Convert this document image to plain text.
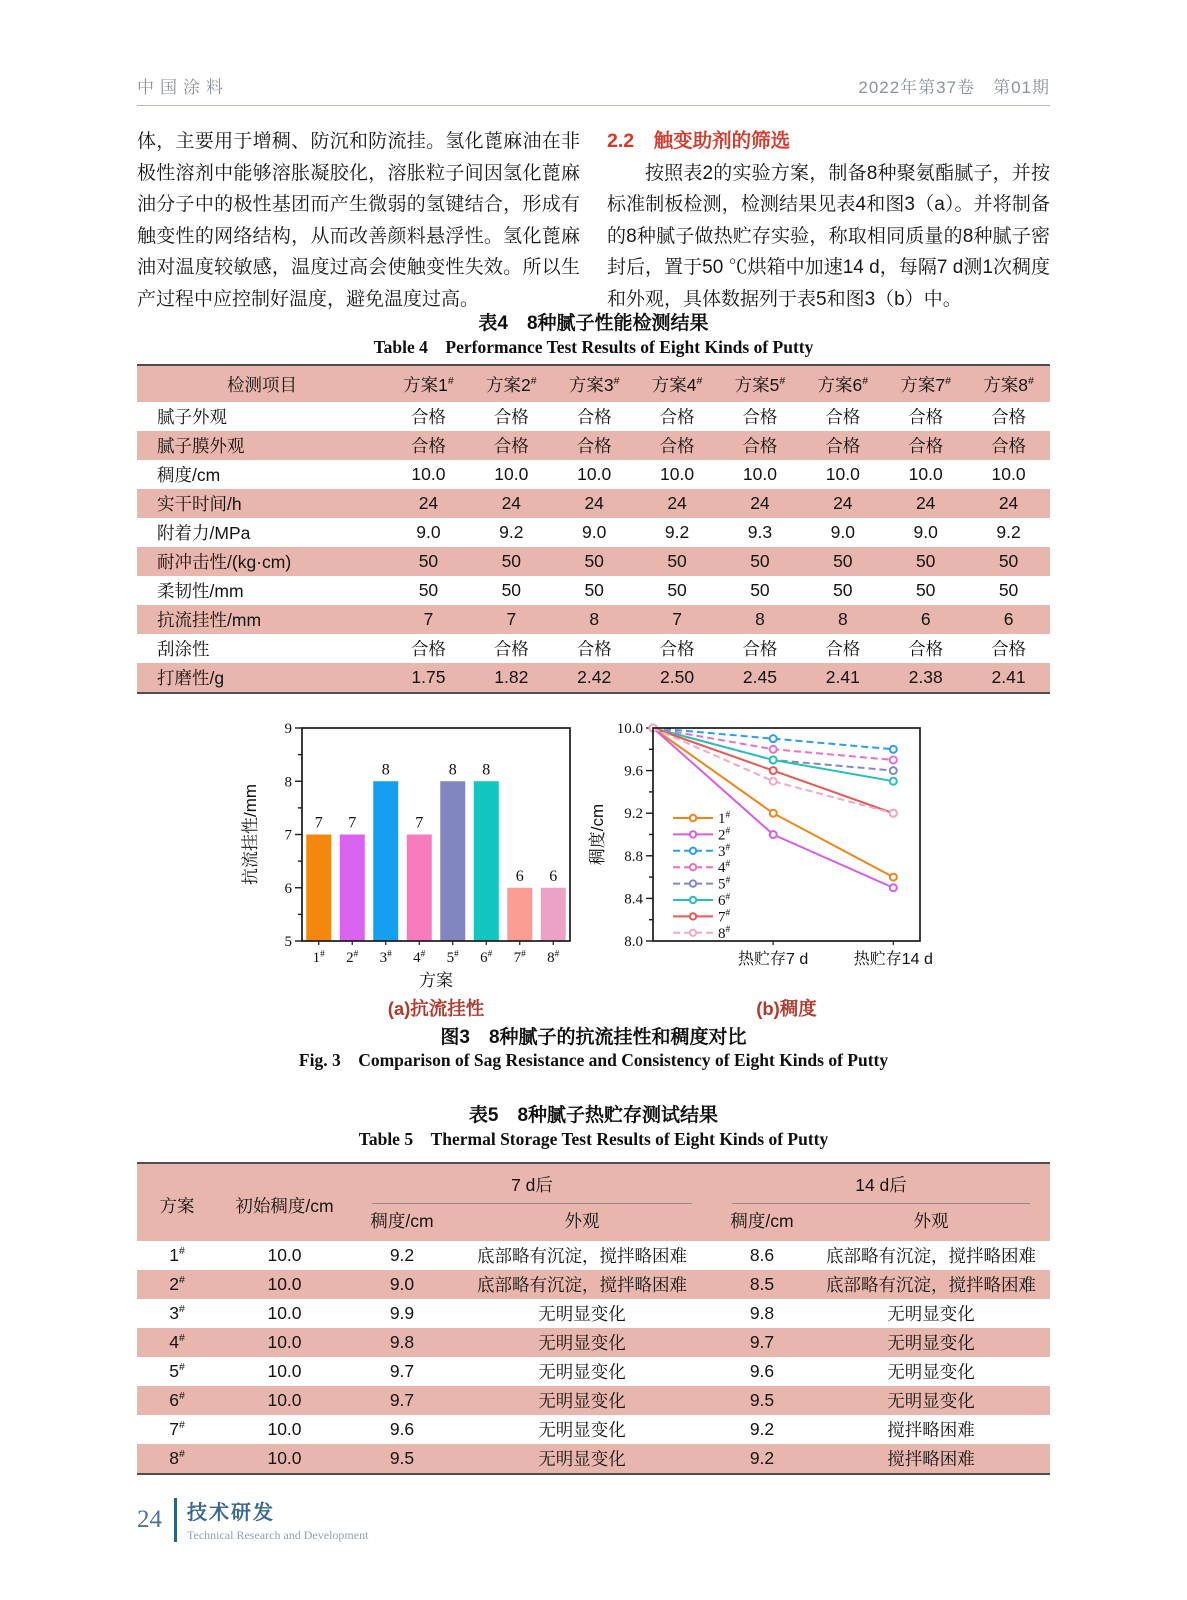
中国涂料	2022年第37卷　第01期

体，主要用于增稠、防沉和防流挂。氢化蓖麻油在非极性溶剂中能够溶胀凝胶化，溶胀粒子间因氢化蓖麻油分子中的极性基团而产生微弱的氢键结合，形成有触变性的网络结构，从而改善颜料悬浮性。氢化蓖麻油对温度较敏感，温度过高会使触变性失效。所以生产过程中应控制好温度，避免温度过高。

2.2　触变助剂的筛选

按照表2的实验方案，制备8种聚氨酯腻子，并按标准制板检测，检测结果见表4和图3（a）。并将制备的8种腻子做热贮存实验，称取相同质量的8种腻子密封后，置于50 ℃烘箱中加速14 d，每隔7 d测1次稠度和外观，具体数据列于表5和图3（b）中。

表4　8种腻子性能检测结果
Table 4　Performance Test Results of Eight Kinds of Putty
检测项目	方案1#	方案2#	方案3#	方案4#	方案5#	方案6#	方案7#	方案8#
腻子外观	合格	合格	合格	合格	合格	合格	合格	合格
腻子膜外观	合格	合格	合格	合格	合格	合格	合格	合格
稠度/cm	10.0	10.0	10.0	10.0	10.0	10.0	10.0	10.0
实干时间/h	24	24	24	24	24	24	24	24
附着力/MPa	9.0	9.2	9.0	9.2	9.3	9.0	9.0	9.2
耐冲击性/(kg·cm)	50	50	50	50	50	50	50	50
柔韧性/mm	50	50	50	50	50	50	50	50
抗流挂性/mm	7	7	8	7	8	8	6	6
刮涂性	合格	合格	合格	合格	合格	合格	合格	合格
打磨性/g	1.75	1.82	2.42	2.50	2.45	2.41	2.38	2.41
5
6
7
8
9
1# 2# 3# 4# 5# 6# 7# 8#
7 7
8
7
8 8
6 6
方案
抗流挂性/mm
(a)抗流挂性
8.0
8.4
8.8
9.2
9.6
10.0
热贮存7 d	热贮存14 d
1#
2#
3#
4#
5#
6#
7#
8#
稠度/cm
(b)稠度
图3　8种腻子的抗流挂性和稠度对比
Fig. 3　Comparison of Sag Resistance and Consistency of Eight Kinds of Putty
表5　8种腻子热贮存测试结果
Table 5　Thermal Storage Test Results of Eight Kinds of Putty
方案	初始稠度/cm	7 d后		14 d后	

		稠度/cm	外观	稠度/cm	外观
1#	10.0	9.2	底部略有沉淀，搅拌略困难	8.6	底部略有沉淀，搅拌略困难
2#	10.0	9.0	底部略有沉淀，搅拌略困难	8.5	底部略有沉淀，搅拌略困难
3#	10.0	9.9	无明显变化	9.8	无明显变化
4#	10.0	9.8	无明显变化	9.7	无明显变化
5#	10.0	9.7	无明显变化	9.6	无明显变化
6#	10.0	9.7	无明显变化	9.5	无明显变化
7#	10.0	9.6	无明显变化	9.2	搅拌略困难
8#	10.0	9.5	无明显变化	9.2	搅拌略困难
24 技术研发
Technical Research and Development
